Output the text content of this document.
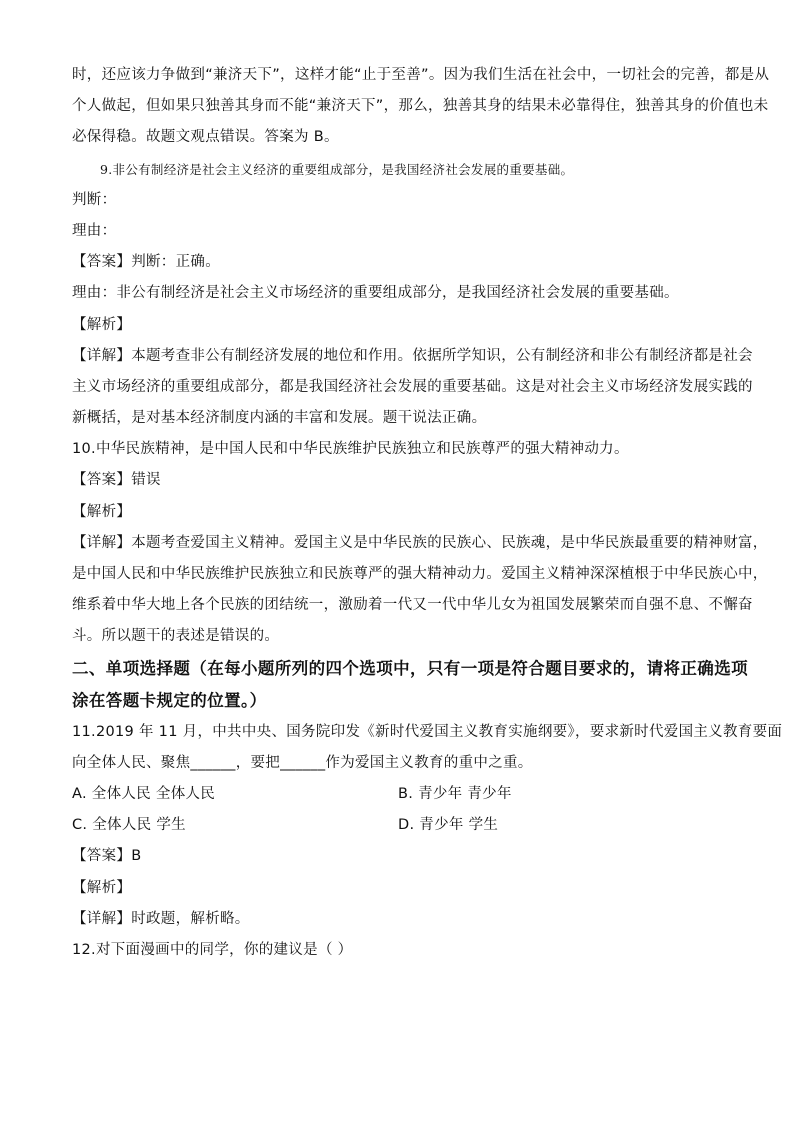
时，还应该力争做到“兼济天下”，这样才能“止于至善”。因为我们生活在社会中，一切社会的完善，都是从
个人做起，但如果只独善其身而不能“兼济天下”，那么，独善其身的结果未必靠得住，独善其身的价值也未
必保得稳。故题文观点错误。答案为 B。
9.非公有制经济是社会主义经济的重要组成部分，是我国经济社会发展的重要基础。
判断：
理由：
【答案】判断：正确。
理由：非公有制经济是社会主义市场经济的重要组成部分，是我国经济社会发展的重要基础。
【解析】
【详解】本题考查非公有制经济发展的地位和作用。依据所学知识，公有制经济和非公有制经济都是社会
主义市场经济的重要组成部分，都是我国经济社会发展的重要基础。这是对社会主义市场经济发展实践的
新概括，是对基本经济制度内涵的丰富和发展。题干说法正确。
10.中华民族精神，是中国人民和中华民族维护民族独立和民族尊严的强大精神动力。
【答案】错误
【解析】
【详解】本题考查爱国主义精神。爱国主义是中华民族的民族心、民族魂，是中华民族最重要的精神财富，
是中国人民和中华民族维护民族独立和民族尊严的强大精神动力。爱国主义精神深深植根于中华民族心中，
维系着中华大地上各个民族的团结统一，激励着一代又一代中华儿女为祖国发展繁荣而自强不息、不懈奋
斗。所以题干的表述是错误的。
二、单项选择题（在每小题所列的四个选项中，只有一项是符合题目要求的，请将正确选项
涂在答题卡规定的位置。）
11.2019 年 11 月，中共中央、国务院印发《新时代爱国主义教育实施纲要》，要求新时代爱国主义教育要面
向全体人民、聚焦______，要把______作为爱国主义教育的重中之重。
A. 全体人民 全体人民	B. 青少年 青少年
C. 全体人民 学生	D. 青少年 学生
【答案】B
【解析】
【详解】时政题，解析略。
12.对下面漫画中的同学，你的建议是（ ）
